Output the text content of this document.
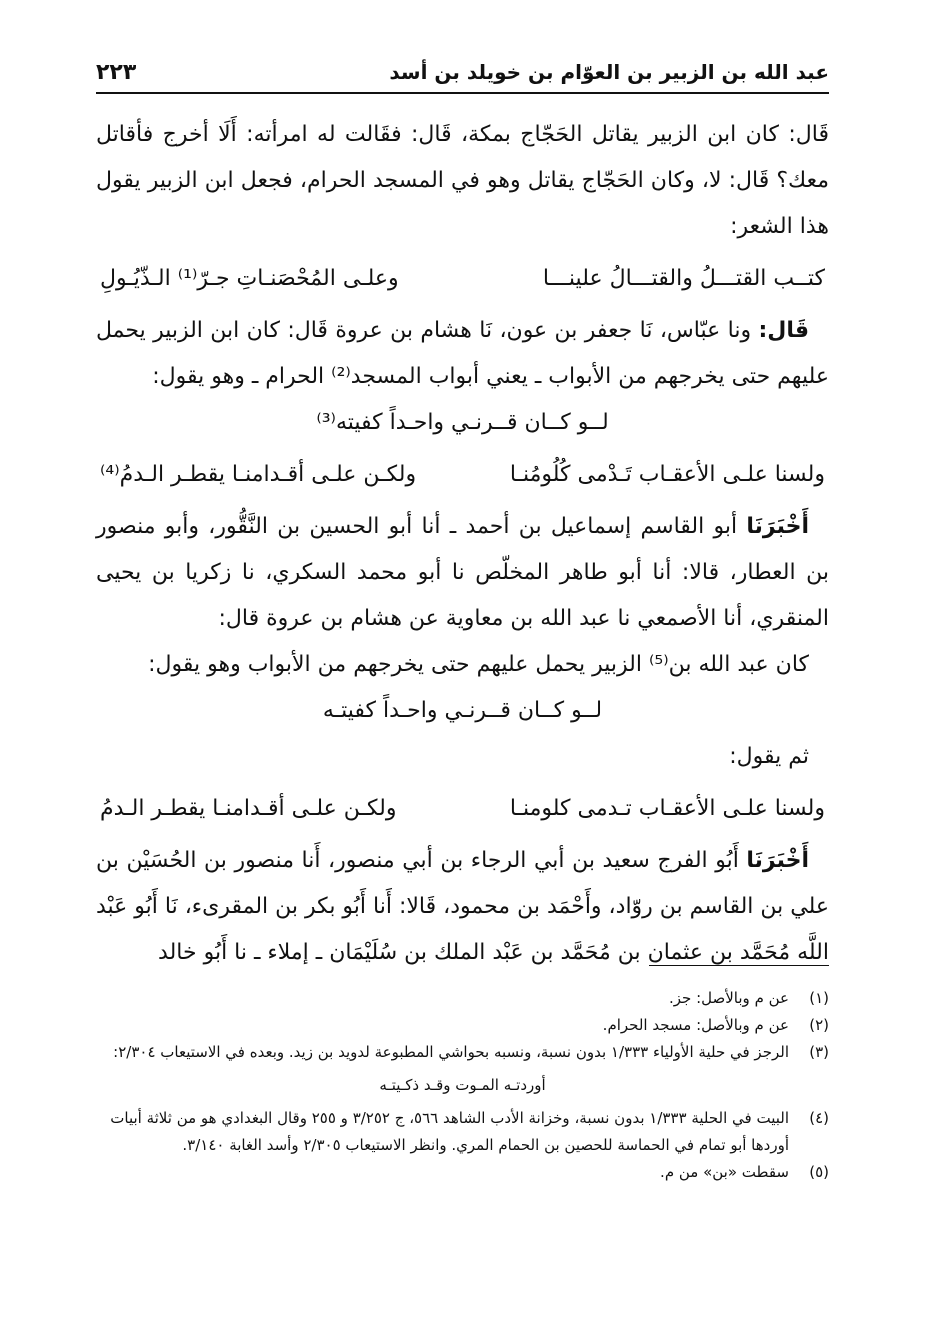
عبد الله بن الزبير بن العوّام بن خويلد بن أسد
٢٢٣

قَال: كان ابن الزبير يقاتل الحَجّاج بمكة، قَال: فقَالت له امرأته: أَلَا أخرج فأقاتل معك؟ قَال: لا، وكان الحَجّاج يقاتل وهو في المسجد الحرام، فجعل ابن الزبير يقول هذا الشعر:

كتــب القتـــلُ والقتـــالُ علينـــا
وعلـى المُحْصَنـاتِ جـرّ⁽¹⁾ الـذّيُـولِ

قَال: ونا عبّاس، نَا جعفر بن عون، نَا هشام بن عروة قَال: كان ابن الزبير يحمل عليهم حتى يخرجهم من الأبواب ـ يعني أبواب المسجد⁽²⁾ الحرام ـ وهو يقول:

لــو كــان قــرنـي واحـداً كفيته⁽³⁾
ولسنا علـى الأعقـاب تَـدْمى كُلُومُنـا
ولكـن علـى أقـدامنـا يقطـر الـدمُ⁽⁴⁾

أَخْبَرَنَا أبو القاسم إسماعيل بن أحمد ـ أنا أبو الحسين بن النَّقُّور، وأبو منصور بن العطار، قالا: أنا أبو طاهر المخلّص نا أبو محمد السكري، نا زكريا بن يحيى المنقري، أنا الأصمعي نا عبد الله بن معاوية عن هشام بن عروة قال:

كان عبد الله بن⁽⁵⁾ الزبير يحمل عليهم حتى يخرجهم من الأبواب وهو يقول:

لــو كــان قــرنـي واحـداً كفيتـه

ثم يقول:

ولسنا علـى الأعقـاب تـدمى كلومنـا
ولكـن علـى أقـدامنـا يقطـر الـدمُ

أَخْبَرَنَا أَبُو الفرج سعيد بن أبي الرجاء بن أبي منصور، أَنا منصور بن الحُسَيْن بن علي بن القاسم بن روّاد، وأَحْمَد بن محمود، قَالا: أَنا أَبُو بكر بن المقرىء، نَا أَبُو عَبْد اللَّه مُحَمَّد بن عثمان بن مُحَمَّد بن عَبْد الملك بن سُلَيْمَان ـ إملاء ـ نا أَبُو خالد

(١)
عن م وبالأصل: جز.

(٢)
عن م وبالأصل: مسجد الحرام.

(٣)
الرجز في حلية الأولياء ١/٣٣٣ بدون نسبة، ونسبه بحواشي المطبوعة لدويد بن زيد. وبعده في الاستيعاب ٢/٣٠٤:

أوردتـه المـوت وقـد ذكـيتـه

(٤)
البيت في الحلية ١/٣٣٣ بدون نسبة، وخزانة الأدب الشاهد ٥٦٦، ج ٣/٢٥٢ و ٢٥٥ وقال البغدادي هو من ثلاثة أبيات أوردها أبو تمام في الحماسة للحصين بن الحمام المري. وانظر الاستيعاب ٢/٣٠٥ وأسد الغابة ٣/١٤٠.

(٥)
سقطت «بن» من م.
